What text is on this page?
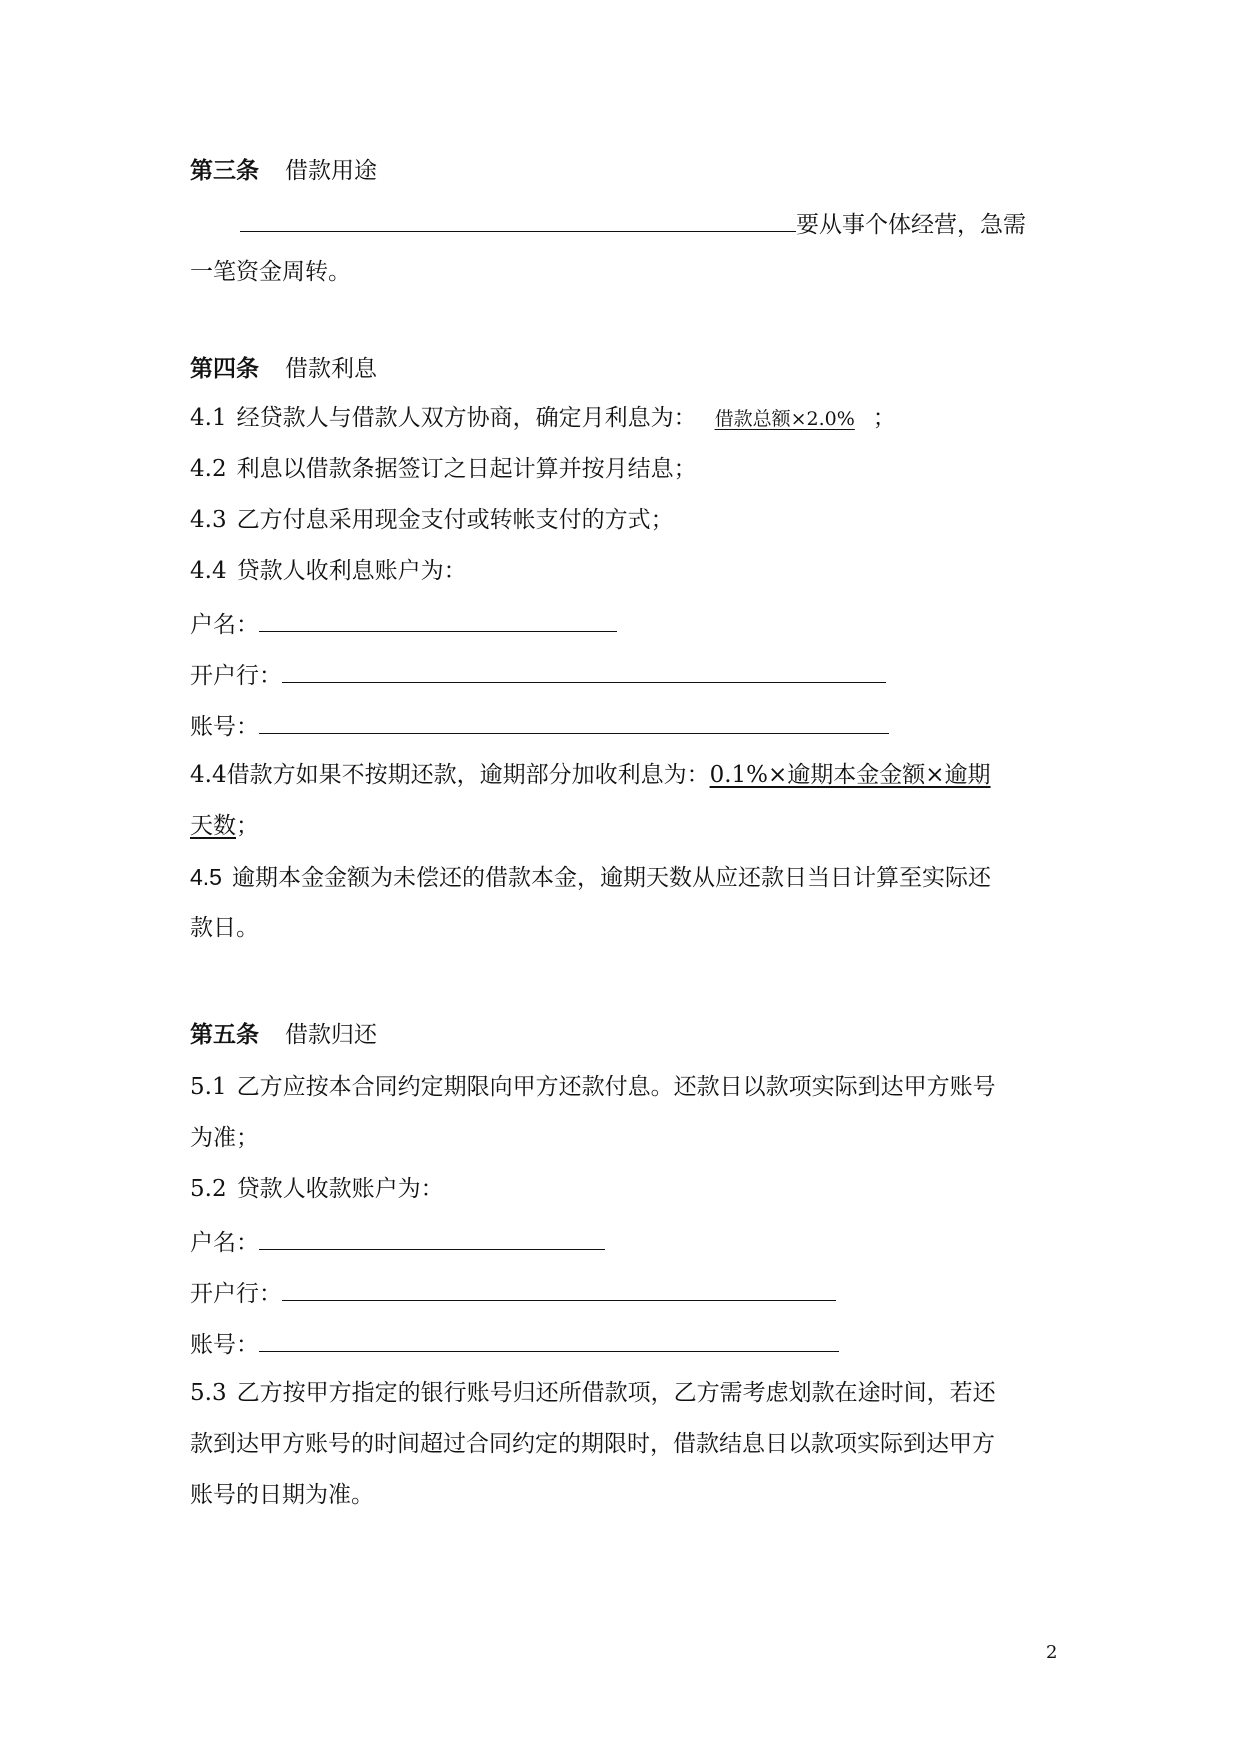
第三条 借款用途
要从事个体经营，急需
一笔资金周转。
第四条 借款利息
4.1 经贷款人与借款人双方协商，确定月利息为： 借款总额×2.0% ；
4.2 利息以借款条据签订之日起计算并按月结息；
4.3 乙方付息采用现金支付或转帐支付的方式；
4.4 贷款人收利息账户为：
户名：
开户行：
账号：
4.4借款方如果不按期还款，逾期部分加收利息为：0.1%×逾期本金金额×逾期
天数；
4.5 逾期本金金额为未偿还的借款本金，逾期天数从应还款日当日计算至实际还
款日。
第五条 借款归还
5.1 乙方应按本合同约定期限向甲方还款付息。还款日以款项实际到达甲方账号
为准；
5.2 贷款人收款账户为：
户名：
开户行：
账号：
5.3 乙方按甲方指定的银行账号归还所借款项，乙方需考虑划款在途时间，若还
款到达甲方账号的时间超过合同约定的期限时，借款结息日以款项实际到达甲方
账号的日期为准。
2
